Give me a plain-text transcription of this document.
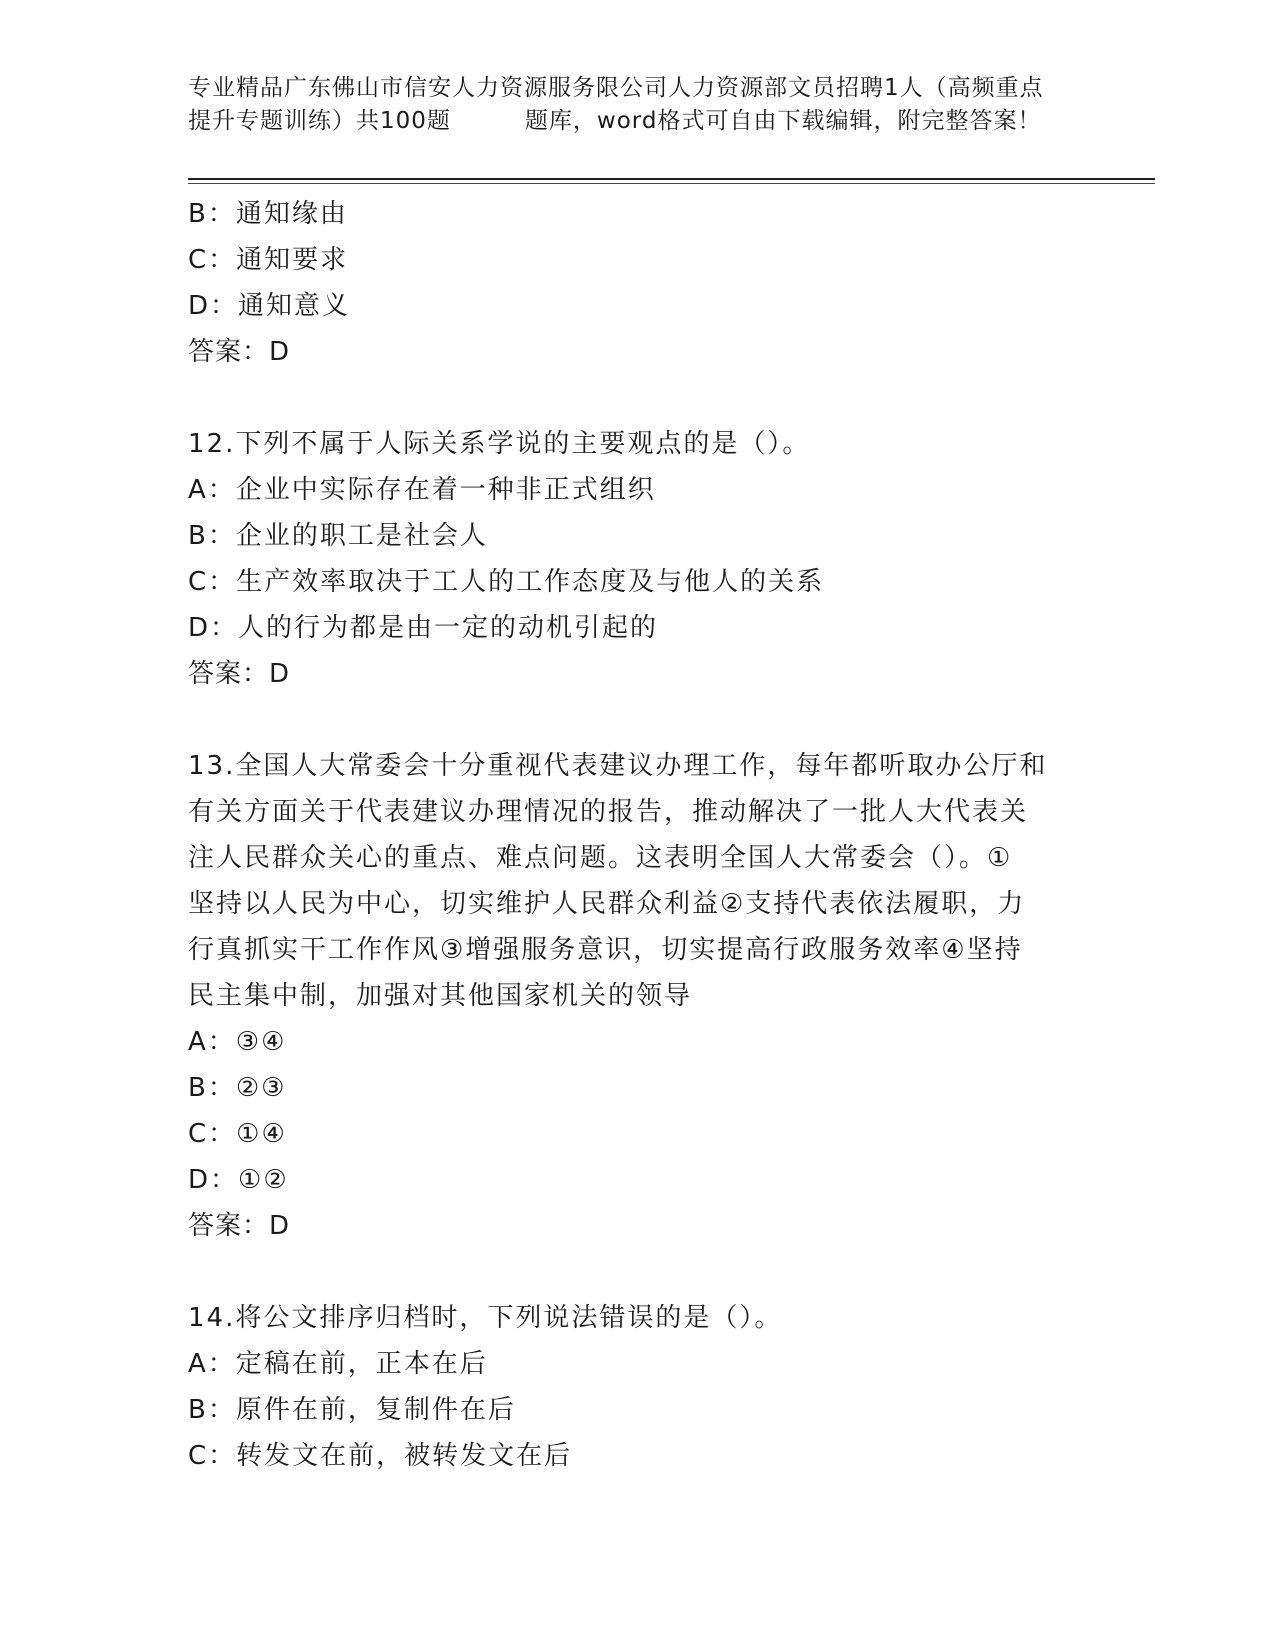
专业精品广东佛山市信安人力资源服务限公司人力资源部文员招聘1人（高频重点
提升专题训练）共100题	题库，word格式可自由下载编辑，附完整答案！
B：通知缘由
C：通知要求
D：通知意义
答案：D
12.下列不属于人际关系学说的主要观点的是（）。
A：企业中实际存在着一种非正式组织
B：企业的职工是社会人
C：生产效率取决于工人的工作态度及与他人的关系
D：人的行为都是由一定的动机引起的
答案：D
13.全国人大常委会十分重视代表建议办理工作，每年都听取办公厅和
有关方面关于代表建议办理情况的报告，推动解决了一批人大代表关
注人民群众关心的重点、难点问题。这表明全国人大常委会（）。①
坚持以人民为中心，切实维护人民群众利益②支持代表依法履职，力
行真抓实干工作作风③增强服务意识，切实提高行政服务效率④坚持
民主集中制，加强对其他国家机关的领导
A：③④
B：②③
C：①④
D：①②
答案：D
14.将公文排序归档时，下列说法错误的是（）。
A：定稿在前，正本在后
B：原件在前，复制件在后
C：转发文在前，被转发文在后
